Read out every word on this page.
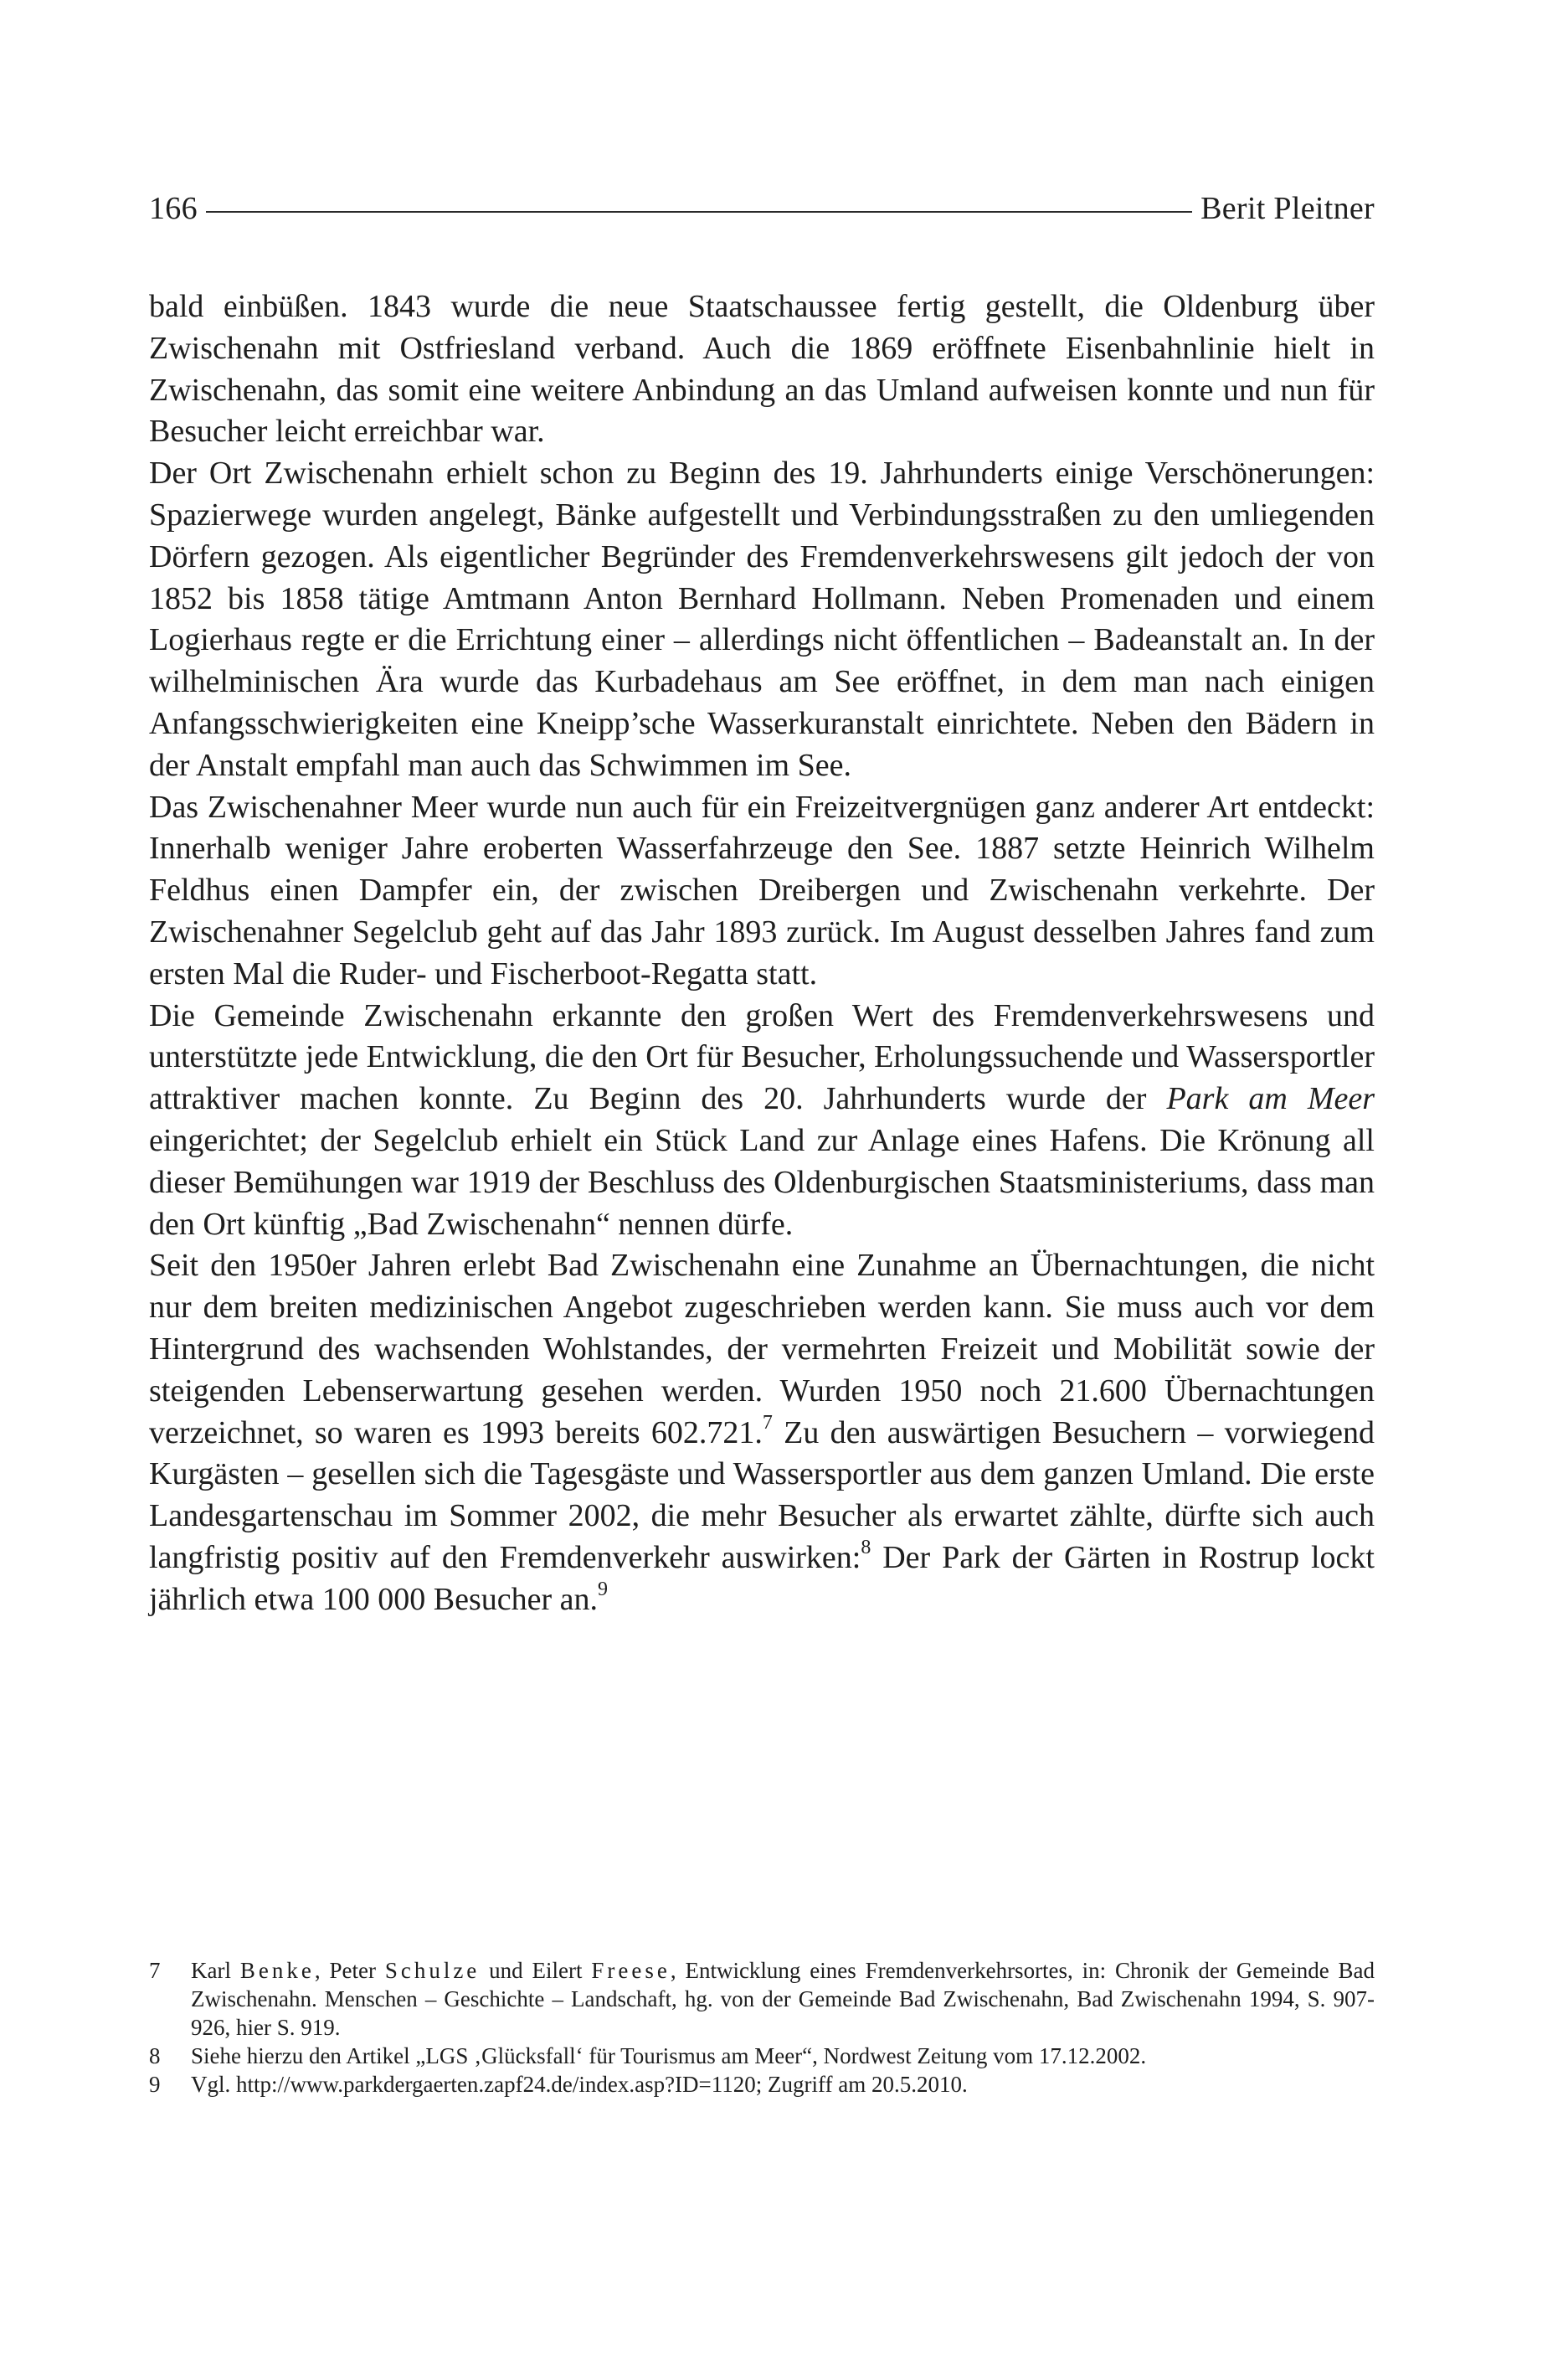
166	Berit Pleitner

bald einbüßen. 1843 wurde die neue Staatschaussee fertig gestellt, die Oldenburg über Zwischenahn mit Ostfriesland verband. Auch die 1869 eröffnete Eisenbahnlinie hielt in Zwischenahn, das somit eine weitere Anbindung an das Umland aufweisen konnte und nun für Besucher leicht erreichbar war.

Der Ort Zwischenahn erhielt schon zu Beginn des 19. Jahrhunderts einige Verschönerungen: Spazierwege wurden angelegt, Bänke aufgestellt und Verbindungsstraßen zu den umliegenden Dörfern gezogen. Als eigentlicher Begründer des Fremdenverkehrswesens gilt jedoch der von 1852 bis 1858 tätige Amtmann Anton Bernhard Hollmann. Neben Promenaden und einem Logierhaus regte er die Errichtung einer – allerdings nicht öffentlichen – Badeanstalt an. In der wilhelminischen Ära wurde das Kurbadehaus am See eröffnet, in dem man nach einigen Anfangsschwierigkeiten eine Kneipp’sche Wasserkuranstalt einrichtete. Neben den Bädern in der Anstalt empfahl man auch das Schwimmen im See.

Das Zwischenahner Meer wurde nun auch für ein Freizeitvergnügen ganz anderer Art entdeckt: Innerhalb weniger Jahre eroberten Wasserfahrzeuge den See. 1887 setzte Heinrich Wilhelm Feldhus einen Dampfer ein, der zwischen Dreibergen und Zwischenahn verkehrte. Der Zwischenahner Segelclub geht auf das Jahr 1893 zurück. Im August desselben Jahres fand zum ersten Mal die Ruder- und Fischerboot-Regatta statt.

Die Gemeinde Zwischenahn erkannte den großen Wert des Fremdenverkehrswesens und unterstützte jede Entwicklung, die den Ort für Besucher, Erholungssuchende und Wassersportler attraktiver machen konnte. Zu Beginn des 20. Jahrhunderts wurde der Park am Meer eingerichtet; der Segelclub erhielt ein Stück Land zur Anlage eines Hafens. Die Krönung all dieser Bemühungen war 1919 der Beschluss des Oldenburgischen Staatsministeriums, dass man den Ort künftig „Bad Zwischenahn“ nennen dürfe.

Seit den 1950er Jahren erlebt Bad Zwischenahn eine Zunahme an Übernachtungen, die nicht nur dem breiten medizinischen Angebot zugeschrieben werden kann. Sie muss auch vor dem Hintergrund des wachsenden Wohlstandes, der vermehrten Freizeit und Mobilität sowie der steigenden Lebenserwartung gesehen werden. Wurden 1950 noch 21.600 Übernachtungen verzeichnet, so waren es 1993 bereits 602.721.$^7$ Zu den auswärtigen Besuchern – vorwiegend Kurgästen – gesellen sich die Tagesgäste und Wassersportler aus dem ganzen Umland. Die erste Landesgartenschau im Sommer 2002, die mehr Besucher als erwartet zählte, dürfte sich auch langfristig positiv auf den Fremdenverkehr auswirken:$^8$ Der Park der Gärten in Rostrup lockt jährlich etwa 100 000 Besucher an.$^9$

7	Karl Benke, Peter Schulze und Eilert Freese, Entwicklung eines Fremdenverkehrsortes, in: Chronik der Gemeinde Bad Zwischenahn. Menschen – Geschichte – Landschaft, hg. von der Gemeinde Bad Zwischenahn, Bad Zwischenahn 1994, S. 907-926, hier S. 919.
8	Siehe hierzu den Artikel „LGS ‚Glücksfall‘ für Tourismus am Meer“, Nordwest Zeitung vom 17.12.2002.
9	Vgl. http://www.parkdergaerten.zapf24.de/index.asp?ID=1120; Zugriff am 20.5.2010.
